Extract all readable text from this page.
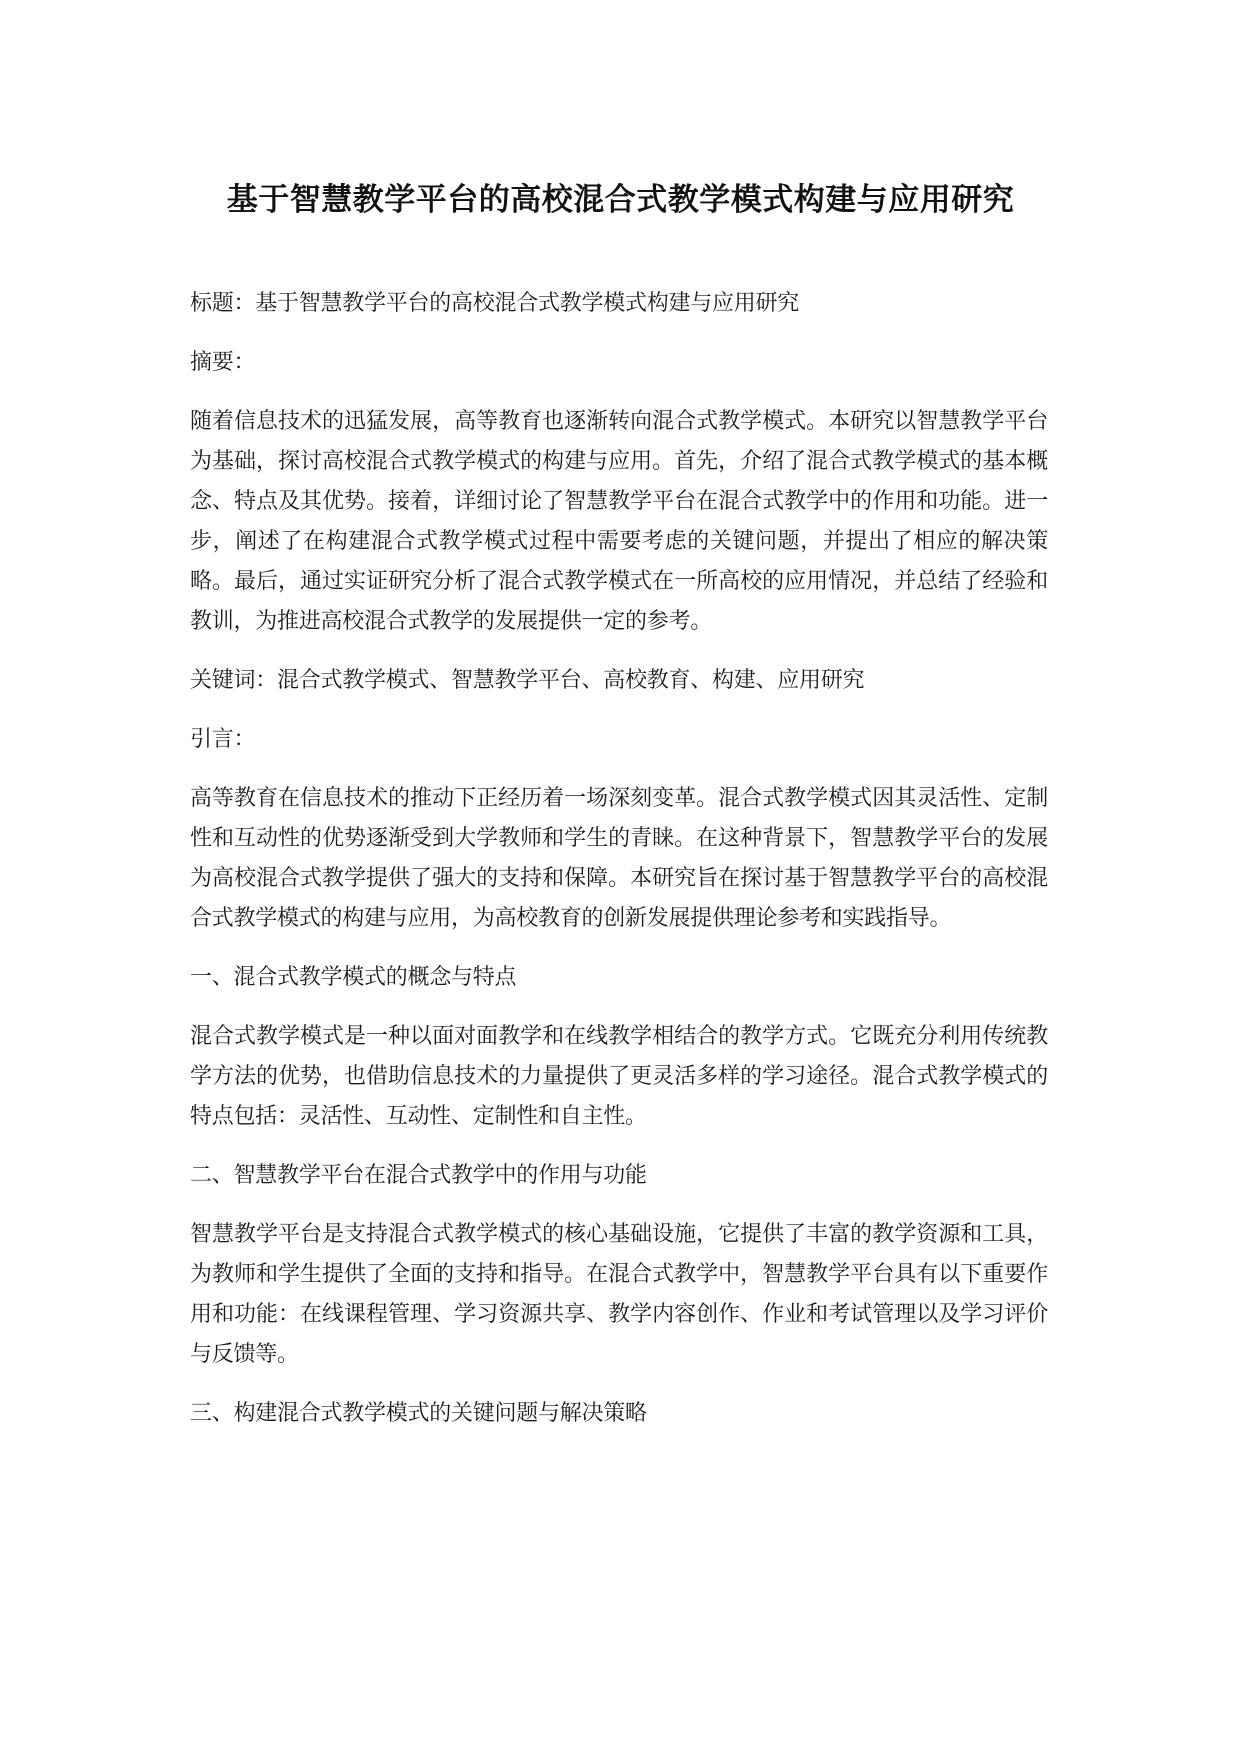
基于智慧教学平台的高校混合式教学模式构建与应用研究

标题：基于智慧教学平台的高校混合式教学模式构建与应用研究

摘要：

随着信息技术的迅猛发展，高等教育也逐渐转向混合式教学模式。本研究以智慧教学平台为基础，探讨高校混合式教学模式的构建与应用。首先，介绍了混合式教学模式的基本概念、特点及其优势。接着，详细讨论了智慧教学平台在混合式教学中的作用和功能。进一步，阐述了在构建混合式教学模式过程中需要考虑的关键问题，并提出了相应的解决策略。最后，通过实证研究分析了混合式教学模式在一所高校的应用情况，并总结了经验和教训，为推进高校混合式教学的发展提供一定的参考。

关键词：混合式教学模式、智慧教学平台、高校教育、构建、应用研究

引言：

高等教育在信息技术的推动下正经历着一场深刻变革。混合式教学模式因其灵活性、定制性和互动性的优势逐渐受到大学教师和学生的青睐。在这种背景下，智慧教学平台的发展为高校混合式教学提供了强大的支持和保障。本研究旨在探讨基于智慧教学平台的高校混合式教学模式的构建与应用，为高校教育的创新发展提供理论参考和实践指导。

一、混合式教学模式的概念与特点

混合式教学模式是一种以面对面教学和在线教学相结合的教学方式。它既充分利用传统教学方法的优势，也借助信息技术的力量提供了更灵活多样的学习途径。混合式教学模式的特点包括：灵活性、互动性、定制性和自主性。

二、智慧教学平台在混合式教学中的作用与功能

智慧教学平台是支持混合式教学模式的核心基础设施，它提供了丰富的教学资源和工具，为教师和学生提供了全面的支持和指导。在混合式教学中，智慧教学平台具有以下重要作用和功能：在线课程管理、学习资源共享、教学内容创作、作业和考试管理以及学习评价与反馈等。

三、构建混合式教学模式的关键问题与解决策略
